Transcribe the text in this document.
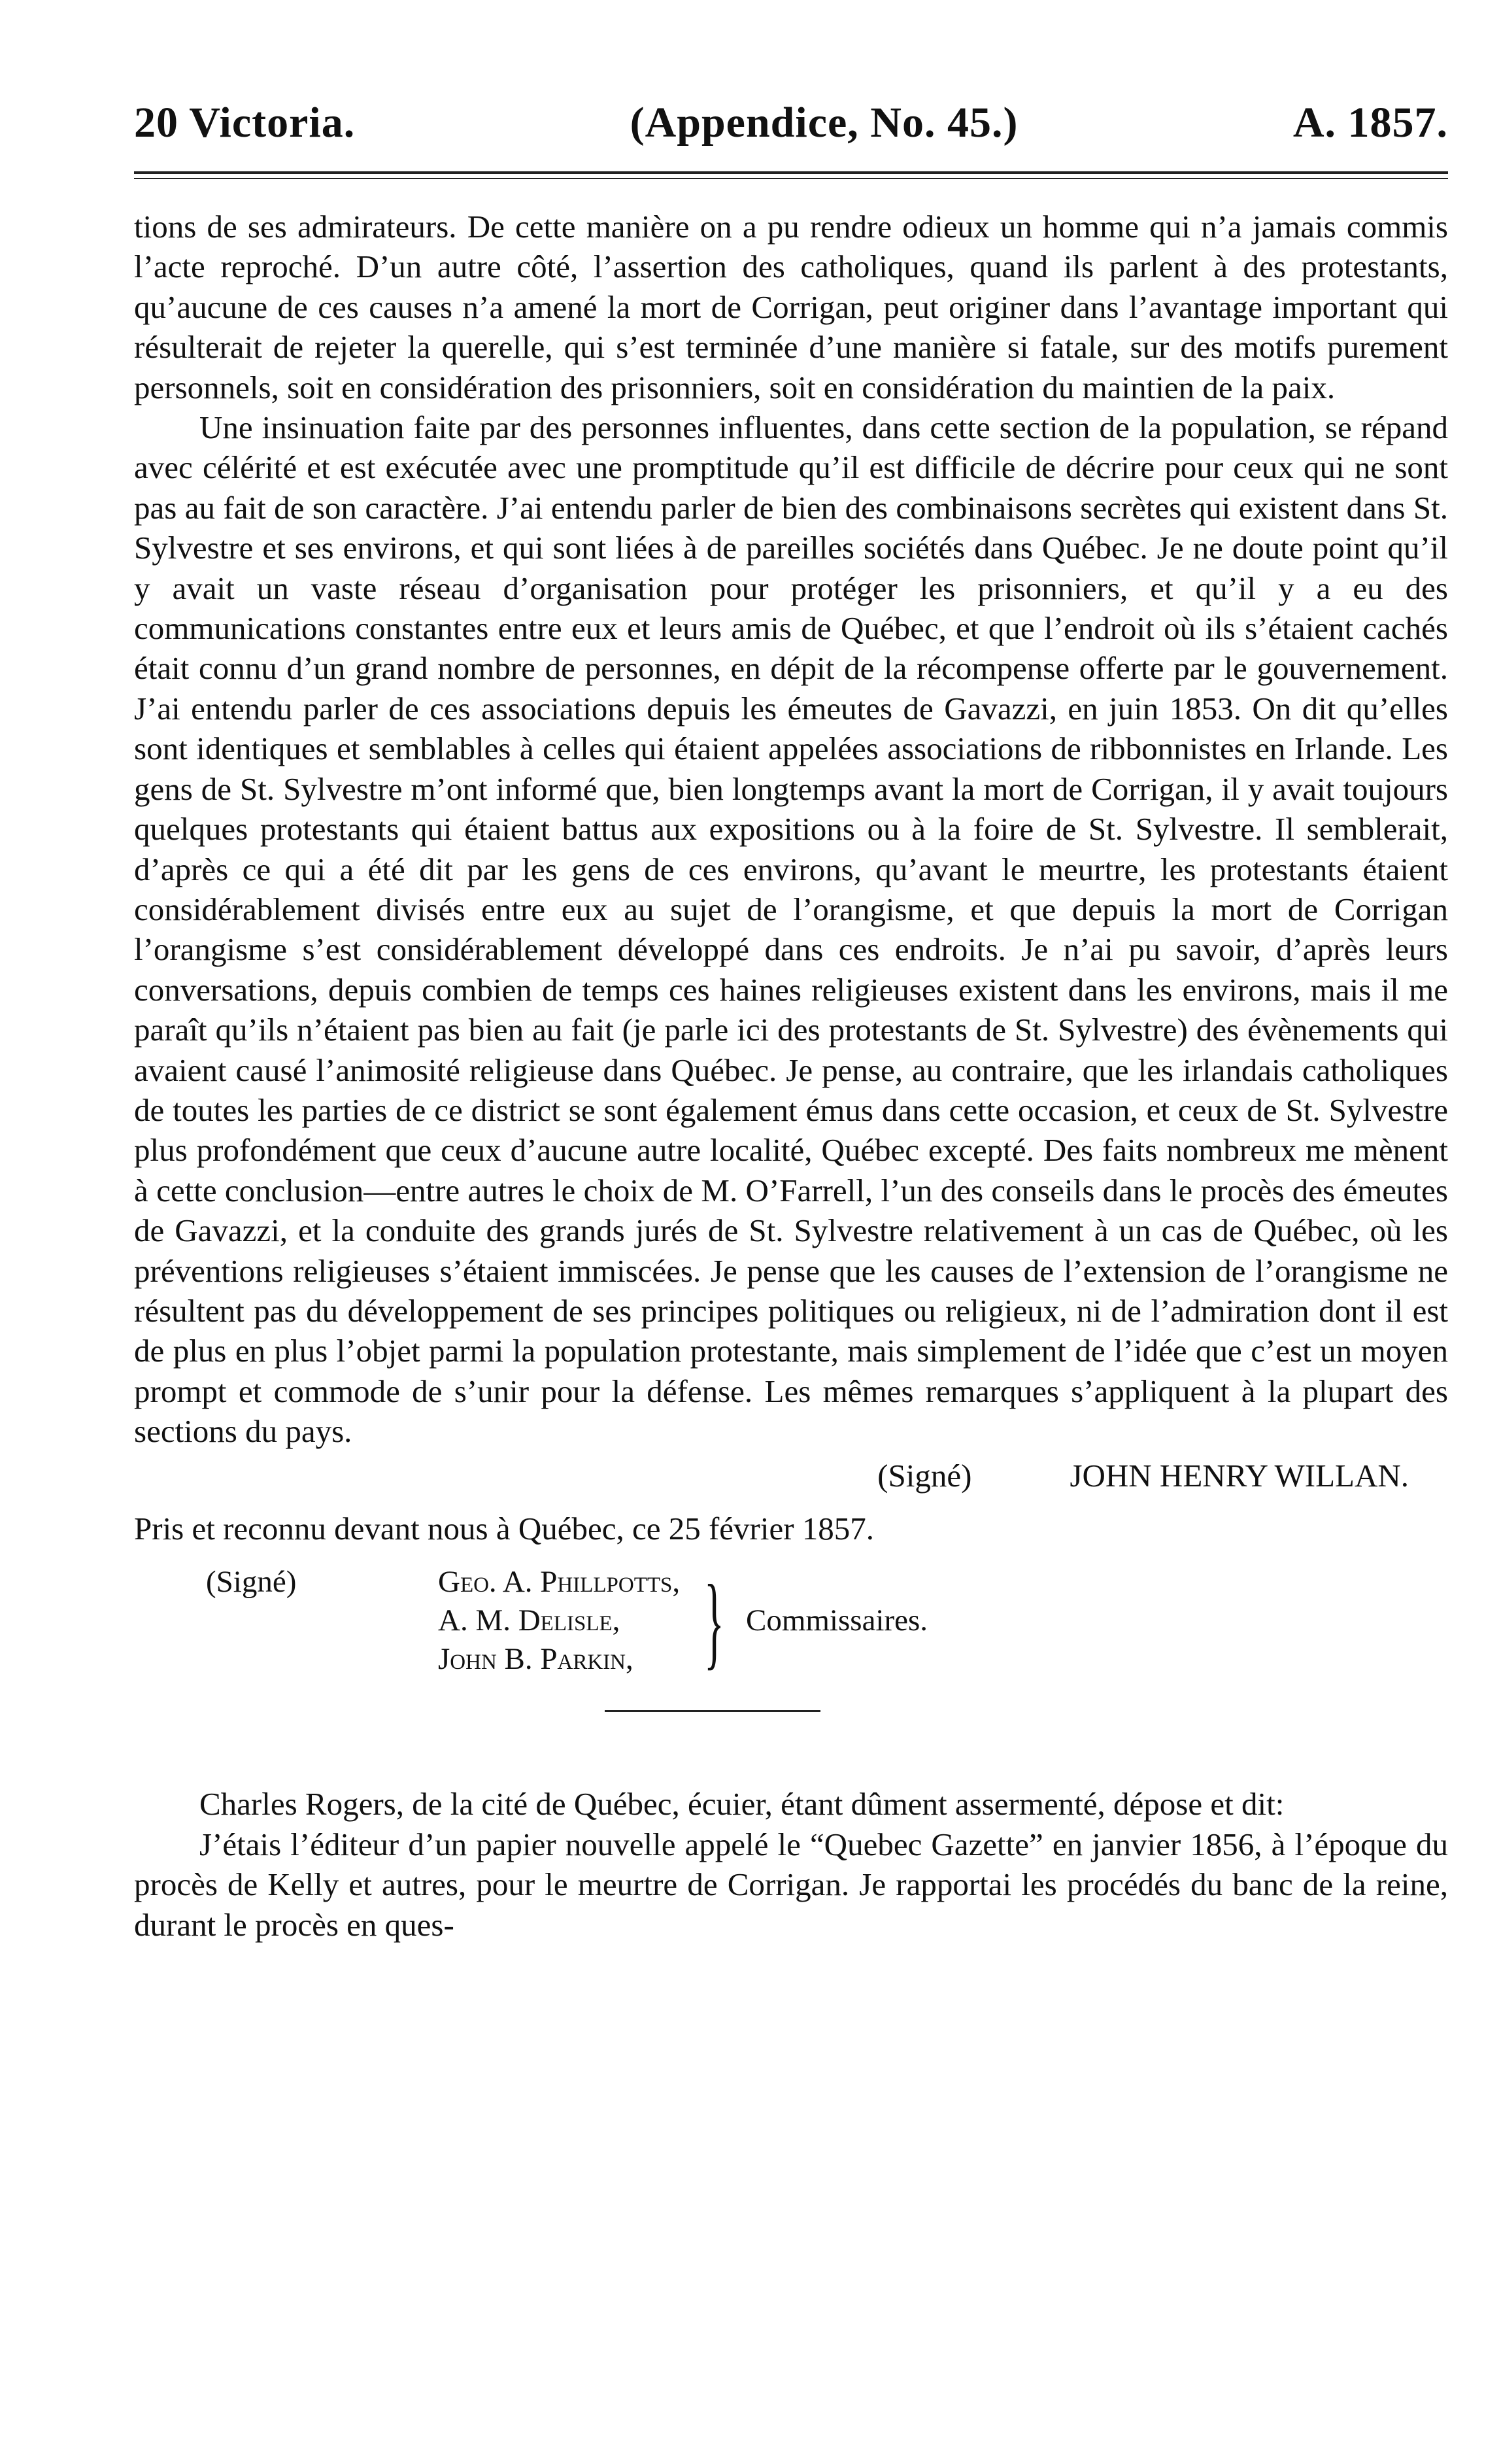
20 Victoria.	(Appendice, No. 45.)	A. 1857.

tions de ses admirateurs. De cette manière on a pu rendre odieux un homme qui n’a jamais commis l’acte reproché. D’un autre côté, l’assertion des catholiques, quand ils parlent à des protestants, qu’aucune de ces causes n’a amené la mort de Corrigan, peut originer dans l’avantage important qui résulterait de rejeter la querelle, qui s’est terminée d’une manière si fatale, sur des motifs purement personnels, soit en considération des prisonniers, soit en considération du maintien de la paix.

Une insinuation faite par des personnes influentes, dans cette section de la population, se répand avec célérité et est exécutée avec une promptitude qu’il est difficile de décrire pour ceux qui ne sont pas au fait de son caractère. J’ai entendu parler de bien des combinaisons secrètes qui existent dans St. Sylvestre et ses environs, et qui sont liées à de pareilles sociétés dans Québec. Je ne doute point qu’il y avait un vaste réseau d’organisation pour protéger les prisonniers, et qu’il y a eu des communications constantes entre eux et leurs amis de Québec, et que l’endroit où ils s’étaient cachés était connu d’un grand nombre de personnes, en dépit de la récompense offerte par le gouvernement. J’ai entendu parler de ces associations depuis les émeutes de Gavazzi, en juin 1853. On dit qu’elles sont identiques et semblables à celles qui étaient appelées associations de ribbonnistes en Irlande. Les gens de St. Sylvestre m’ont informé que, bien longtemps avant la mort de Corrigan, il y avait toujours quelques protestants qui étaient battus aux expositions ou à la foire de St. Sylvestre. Il semblerait, d’après ce qui a été dit par les gens de ces environs, qu’avant le meurtre, les protestants étaient considérablement divisés entre eux au sujet de l’orangisme, et que depuis la mort de Corrigan l’orangisme s’est considérablement développé dans ces endroits. Je n’ai pu savoir, d’après leurs conversations, depuis combien de temps ces haines religieuses existent dans les environs, mais il me paraît qu’ils n’étaient pas bien au fait (je parle ici des protestants de St. Sylvestre) des évènements qui avaient causé l’animosité religieuse dans Québec. Je pense, au contraire, que les irlandais catholiques de toutes les parties de ce district se sont également émus dans cette occasion, et ceux de St. Sylvestre plus profondément que ceux d’aucune autre localité, Québec excepté. Des faits nombreux me mènent à cette conclusion—entre autres le choix de M. O’Farrell, l’un des conseils dans le procès des émeutes de Gavazzi, et la conduite des grands jurés de St. Sylvestre relativement à un cas de Québec, où les préventions religieuses s’étaient immiscées. Je pense que les causes de l’extension de l’orangisme ne résultent pas du développement de ses principes politiques ou religieux, ni de l’admiration dont il est de plus en plus l’objet parmi la population protestante, mais simplement de l’idée que c’est un moyen prompt et commode de s’unir pour la défense. Les mêmes remarques s’appliquent à la plupart des sections du pays.

(Signé)	JOHN HENRY WILLAN.
Pris et reconnu devant nous à Québec, ce 25 février 1857.
(Signé)	Geo. A. Phillpotts,
A. M. Delisle,
John B. Parkin, } Commissaires.

Charles Rogers, de la cité de Québec, écuier, étant dûment assermenté, dépose et dit:

J’étais l’éditeur d’un papier nouvelle appelé le “Quebec Gazette” en janvier 1856, à l’époque du procès de Kelly et autres, pour le meurtre de Corrigan. Je rapportai les procédés du banc de la reine, durant le procès en ques-
